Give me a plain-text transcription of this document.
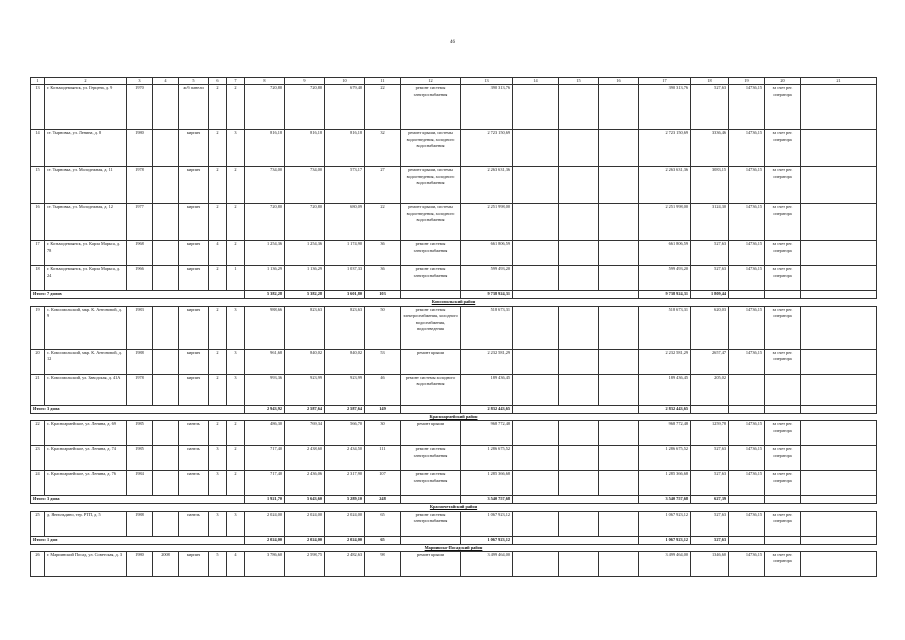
46
1	2	3	4	5	6	7	8	9	10	11	12	13	14	15	16	17	18	19	20	21
13	г. Козьмодемьянск, ул. Герцена, д. 9	1970		ж/б панели	2	2	720,80	720,80	679,40	22	ремонт системы электроснабжения	390 313,76				390 313,76	527,63	14736,15	за счет рег. оператора	
14	ст. Тырновка, ул. Ленина, д. 8	1980		кирпич	2	3	816,18	816,18	816,18	32	ремонт крыши, системы водоотведения, холодного водоснабжения	2 723 150,69				2 723 150,69	3336,46	14736,15	за счет рег. оператора	
15	ст. Тырновка, ул. Молодежная, д. 11	1978		кирпич	2	2	734,00	734,00	573,17	27	ремонт крыши, системы водоотведения, холодного водоснабжения	2 263 631,36				2 263 631,36	3083,15	14736,15	за счет рег. оператора	
16	ст. Тырновка, ул. Молодежная, д. 12	1977		кирпич	2	2	720,80	720,80	680,09	22	ремонт крыши, системы водоотведения, холодного водоснабжения	2 251 998,00				2 251 998,00	3124,30	14736,15	за счет рег. оператора	
17	г. Козьмодемьянск, ул. Карла Маркса, д. 78	1968		кирпич	4	2	1 254,36	1 254,36	1 174,90	36	ремонт системы электроснабжения	661 806,59				661 806,59	527,63	14736,15	за счет рег. оператора	
18	г. Козьмодемьянск, ул. Карла Маркса, д. 24	1966		кирпич	2	1	1 136,29	1 136,29	1 037,33	36	ремонт системы электроснабжения	599 493,20				599 493,20	527,63	14736,15	за счет рег. оператора	
Итого: 7 домов							5 382,28	5 382,28	3 601,80	103		9 738 924,31				9 738 924,31	1 809,44			
Комсомольский район																				
19	с. Комсомольский, мкр. К. Антоновой, д. 9	1983		кирпич	2	3	988,66	823,63	823,63	50	ремонт системы электроснабжения, холодного водоснабжения, водоотведения	518 673,31				518 673,31	620,03	14736,15	за счет рег. оператора	
20	с. Комсомольский, мкр. К. Антоновой, д. 12	1988		кирпич	2	3	961,68	840,02	840,02	53	ремонт крыши	2 232 581,29				2 232 581,29	2657,47	14736,15	за счет рег. оператора	
21	с. Комсомольский, ул. Заводская, д. 41А	1978		кирпич	2	3	993,36	923,99	923,99	46	ремонт системы холодного водоснабжения	189 436,45				189 436,45	205,02			
Итого: 3 дома							2 943,92	2 587,64	2 587,64	149		2 832 443,65				2 832 443,65				
Красноармейский район																				
22	с. Красноармейское, ул. Ленина, д. 69	1985		панель	2	2	486,30	769,34	566,70	30	ремонт крыши	968 772,48				968 772,48	1259,78	14736,15	за счет рег. оператора	
23	с. Красноармейское, ул. Ленина, д. 74	1985		панель	3	2	717,40	2 438,60	2 434,50	111	ремонт системы электроснабжения	1 286 675,52				1 286 675,52	527,63	14736,15	за счет рег. оператора	
24	с. Красноармейское, ул. Ленина, д. 76	1984		панель	3	2	717,40	2 436,06	2 317,90	107	ремонт системы электроснабжения	1 285 366,68				1 285 366,68	527,63	14736,15	за счет рег. оператора	
Итого: 3 дома							1 921,70	5 643,60	5 289,10	248		3 540 757,68				3 540 757,68	627,39			
Красночетайский район																				
25	д. Янгильдино, тер. РТП, д. 5	1988		панель	3	3	2 024,00	2 024,00	2 024,00	65	ремонт системы электроснабжения	1 067 923,12				1 067 923,12	527,63	14736,15	за счет рег. оператора	
Итого: 1 дом							2 024,00	2 024,00	2 024,00	65		1 067 923,12				1 067 923,12	527,63			
Мариинско-Посадский район																				
26	г. Мариинский Посад, ул. Советская, д. 3	1980	2008	кирпич	5	4	3 786,60	2 598,75	2 482,63	98	ремонт крыши	3 499 464,00				3 499 464,00	1346,60	14736,15	за счет рег. оператора	
